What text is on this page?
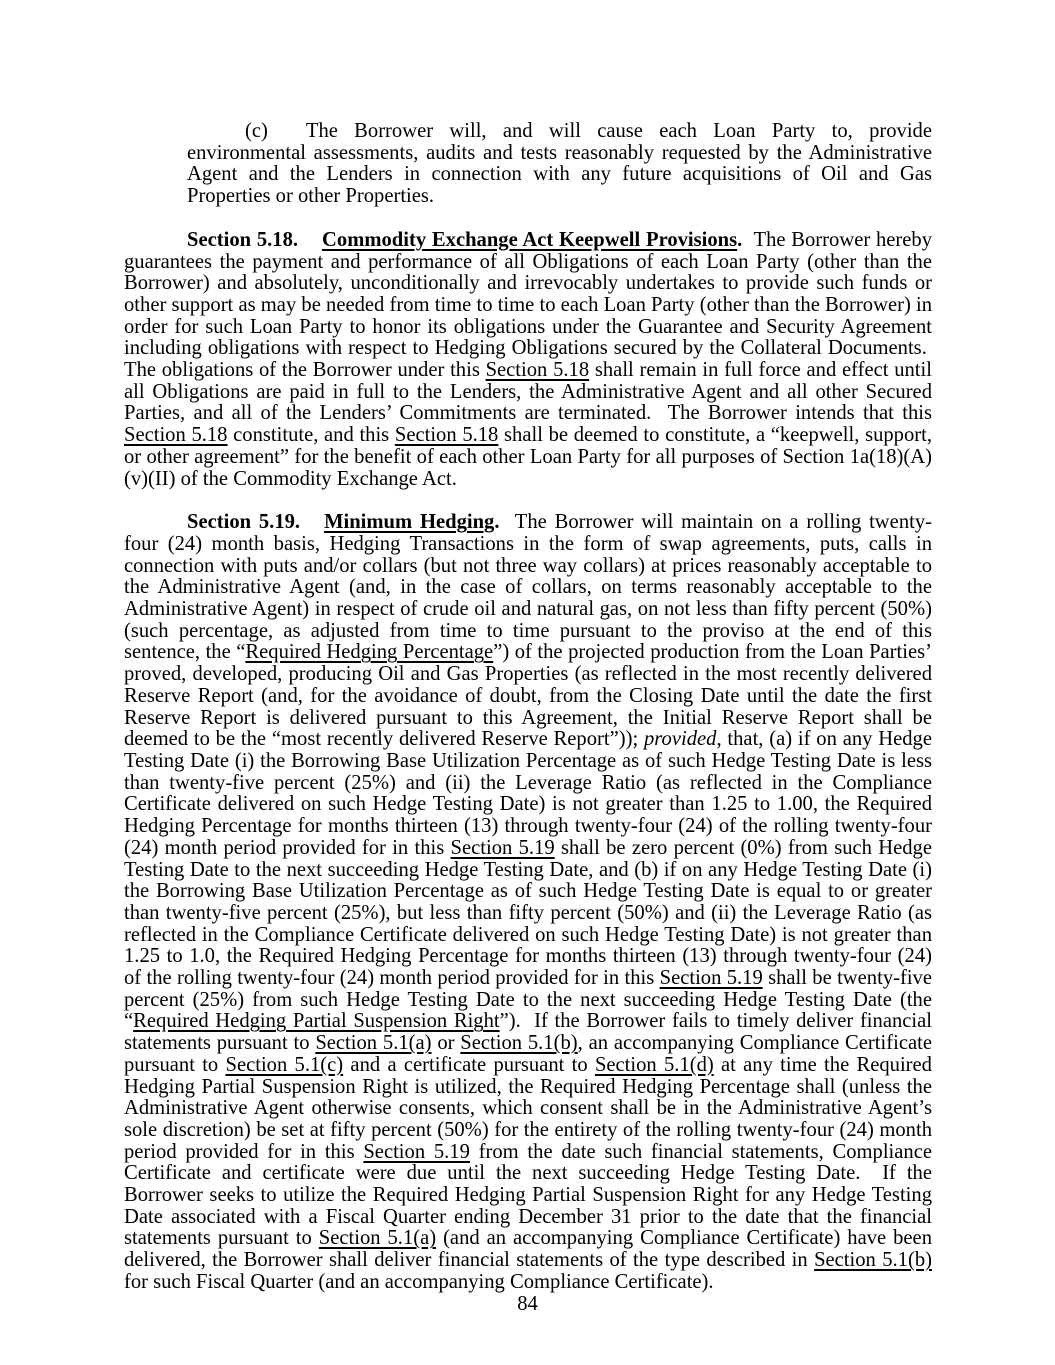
(c) The Borrower will, and will cause each Loan Party to, provide environmental assessments, audits and tests reasonably requested by the Administrative Agent and the Lenders in connection with any future acquisitions of Oil and Gas Properties or other Properties.

Section 5.18. Commodity Exchange Act Keepwell Provisions.  The Borrower hereby guarantees the payment and performance of all Obligations of each Loan Party (other than the Borrower) and absolutely, unconditionally and irrevocably undertakes to provide such funds or other support as may be needed from time to time to each Loan Party (other than the Borrower) in order for such Loan Party to honor its obligations under the Guarantee and Security Agreement including obligations with respect to Hedging Obligations secured by the Collateral Documents.  The obligations of the Borrower under this Section 5.18 shall remain in full force and effect until all Obligations are paid in full to the Lenders, the Administrative Agent and all other Secured Parties, and all of the Lenders’ Commitments are terminated.  The Borrower intends that this Section 5.18 constitute, and this Section 5.18 shall be deemed to constitute, a “keepwell, support, or other agreement” for the benefit of each other Loan Party for all purposes of Section 1a(18)(A)(v)(II) of the Commodity Exchange Act.

Section 5.19. Minimum Hedging.  The Borrower will maintain on a rolling twenty-four (24) month basis, Hedging Transactions in the form of swap agreements, puts, calls in connection with puts and/or collars (but not three way collars) at prices reasonably acceptable to the Administrative Agent (and, in the case of collars, on terms reasonably acceptable to the Administrative Agent) in respect of crude oil and natural gas, on not less than fifty percent (50%) (such percentage, as adjusted from time to time pursuant to the proviso at the end of this sentence, the “Required Hedging Percentage”) of the projected production from the Loan Parties’ proved, developed, producing Oil and Gas Properties (as reflected in the most recently delivered Reserve Report (and, for the avoidance of doubt, from the Closing Date until the date the first Reserve Report is delivered pursuant to this Agreement, the Initial Reserve Report shall be deemed to be the “most recently delivered Reserve Report”)); provided, that, (a) if on any Hedge Testing Date (i) the Borrowing Base Utilization Percentage as of such Hedge Testing Date is less than twenty-five percent (25%) and (ii) the Leverage Ratio (as reflected in the Compliance Certificate delivered on such Hedge Testing Date) is not greater than 1.25 to 1.00, the Required Hedging Percentage for months thirteen (13) through twenty-four (24) of the rolling twenty-four (24) month period provided for in this Section 5.19 shall be zero percent (0%) from such Hedge Testing Date to the next succeeding Hedge Testing Date, and (b) if on any Hedge Testing Date (i) the Borrowing Base Utilization Percentage as of such Hedge Testing Date is equal to or greater than twenty-five percent (25%), but less than fifty percent (50%) and (ii) the Leverage Ratio (as reflected in the Compliance Certificate delivered on such Hedge Testing Date) is not greater than 1.25 to 1.0, the Required Hedging Percentage for months thirteen (13) through twenty-four (24) of the rolling twenty-four (24) month period provided for in this Section 5.19 shall be twenty-five percent (25%) from such Hedge Testing Date to the next succeeding Hedge Testing Date (the “Required Hedging Partial Suspension Right”).  If the Borrower fails to timely deliver financial statements pursuant to Section 5.1(a) or Section 5.1(b), an accompanying Compliance Certificate pursuant to Section 5.1(c) and a certificate pursuant to Section 5.1(d) at any time the Required Hedging Partial Suspension Right is utilized, the Required Hedging Percentage shall (unless the Administrative Agent otherwise consents, which consent shall be in the Administrative Agent’s sole discretion) be set at fifty percent (50%) for the entirety of the rolling twenty-four (24) month period provided for in this Section 5.19 from the date such financial statements, Compliance Certificate and certificate were due until the next succeeding Hedge Testing Date.  If the Borrower seeks to utilize the Required Hedging Partial Suspension Right for any Hedge Testing Date associated with a Fiscal Quarter ending December 31 prior to the date that the financial statements pursuant to Section 5.1(a) (and an accompanying Compliance Certificate) have been delivered, the Borrower shall deliver financial statements of the type described in Section 5.1(b) for such Fiscal Quarter (and an accompanying Compliance Certificate).

84
